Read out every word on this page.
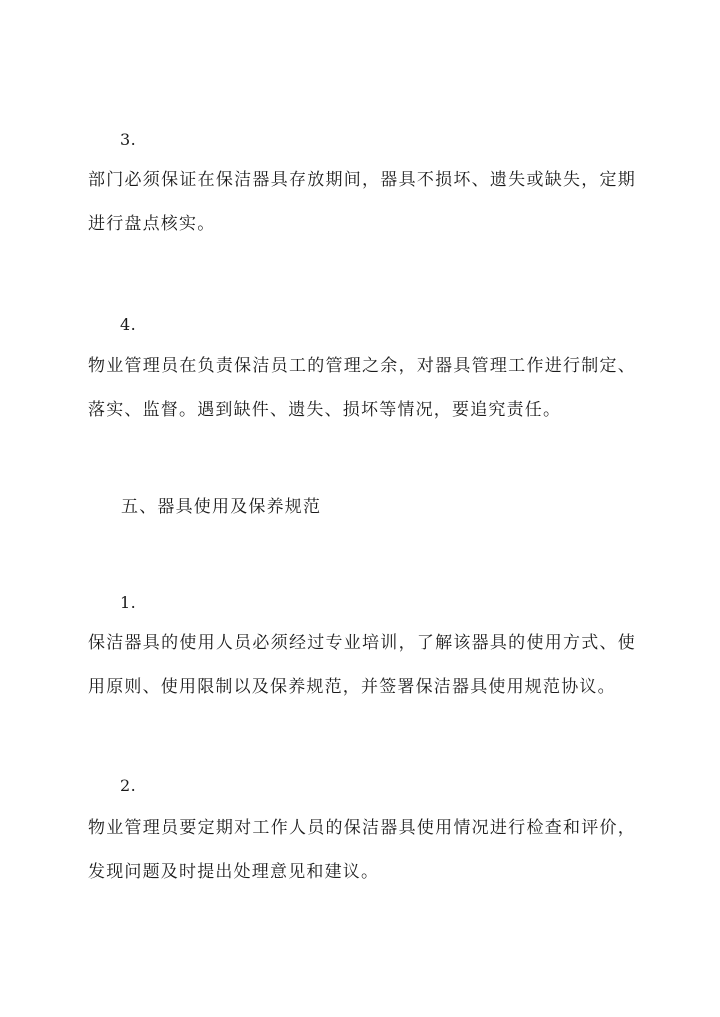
3.
部门必须保证在保洁器具存放期间，器具不损坏、遗失或缺失，定期进行盘点核实。
4.
物业管理员在负责保洁员工的管理之余，对器具管理工作进行制定、落实、监督。遇到缺件、遗失、损坏等情况，要追究责任。
五、器具使用及保养规范
1.
保洁器具的使用人员必须经过专业培训，了解该器具的使用方式、使用原则、使用限制以及保养规范，并签署保洁器具使用规范协议。
2.
物业管理员要定期对工作人员的保洁器具使用情况进行检查和评价，发现问题及时提出处理意见和建议。
